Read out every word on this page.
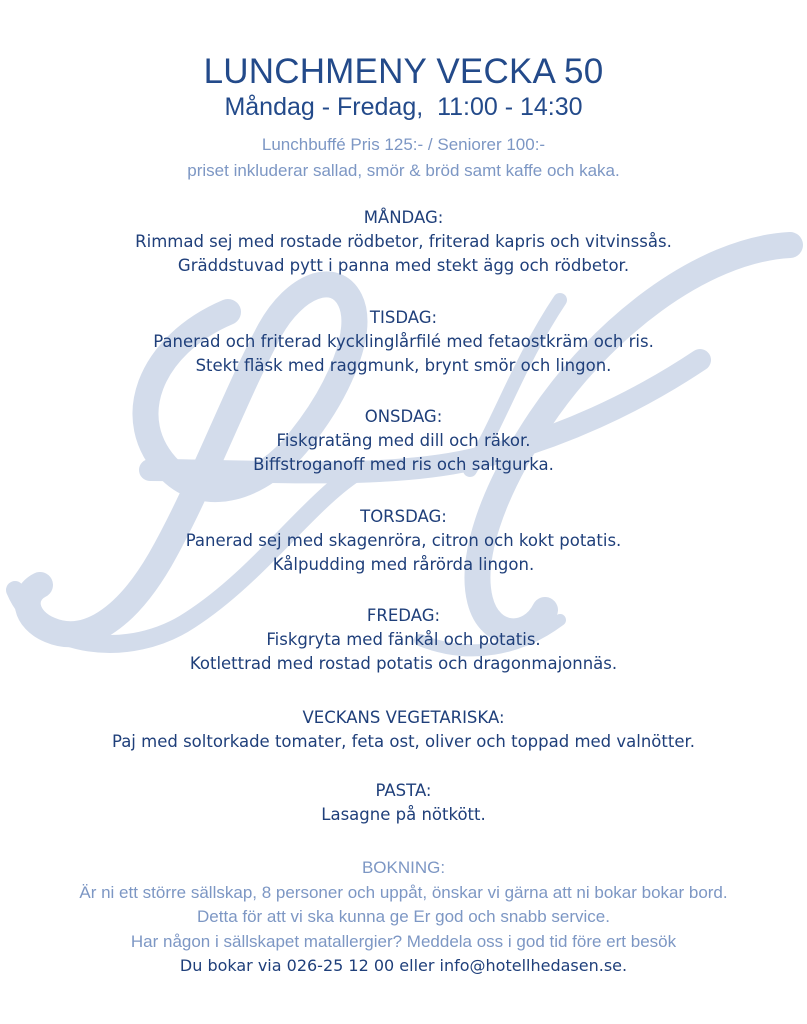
LUNCHMENY VECKA 50
Måndag - Fredag,  11:00 - 14:30
Lunchbuffé Pris 125:- / Seniorer 100:-
priset inkluderar sallad, smör & bröd samt kaffe och kaka.
MÅNDAG:
Rimmad sej med rostade rödbetor, friterad kapris och vitvinssås.
Gräddstuvad pytt i panna med stekt ägg och rödbetor.
TISDAG:
Panerad och friterad kycklinglårfilé med fetaostkräm och ris.
Stekt fläsk med raggmunk, brynt smör och lingon.
ONSDAG:
Fiskgratäng med dill och räkor.
Biffstroganoff med ris och saltgurka.
TORSDAG:
Panerad sej med skagenröra, citron och kokt potatis.
Kålpudding med rårörda lingon.
FREDAG:
Fiskgryta med fänkål och potatis.
Kotlettrad med rostad potatis och dragonmajonnäs.
VECKANS VEGETARISKA:
Paj med soltorkade tomater, feta ost, oliver och toppad med valnötter.
PASTA:
Lasagne på nötkött.
BOKNING:
Är ni ett större sällskap, 8 personer och uppåt, önskar vi gärna att ni bokar bokar bord.
Detta för att vi ska kunna ge Er god och snabb service.
Har någon i sällskapet matallergier? Meddela oss i god tid före ert besök
Du bokar via 026-25 12 00 eller info@hotellhedasen.se.
